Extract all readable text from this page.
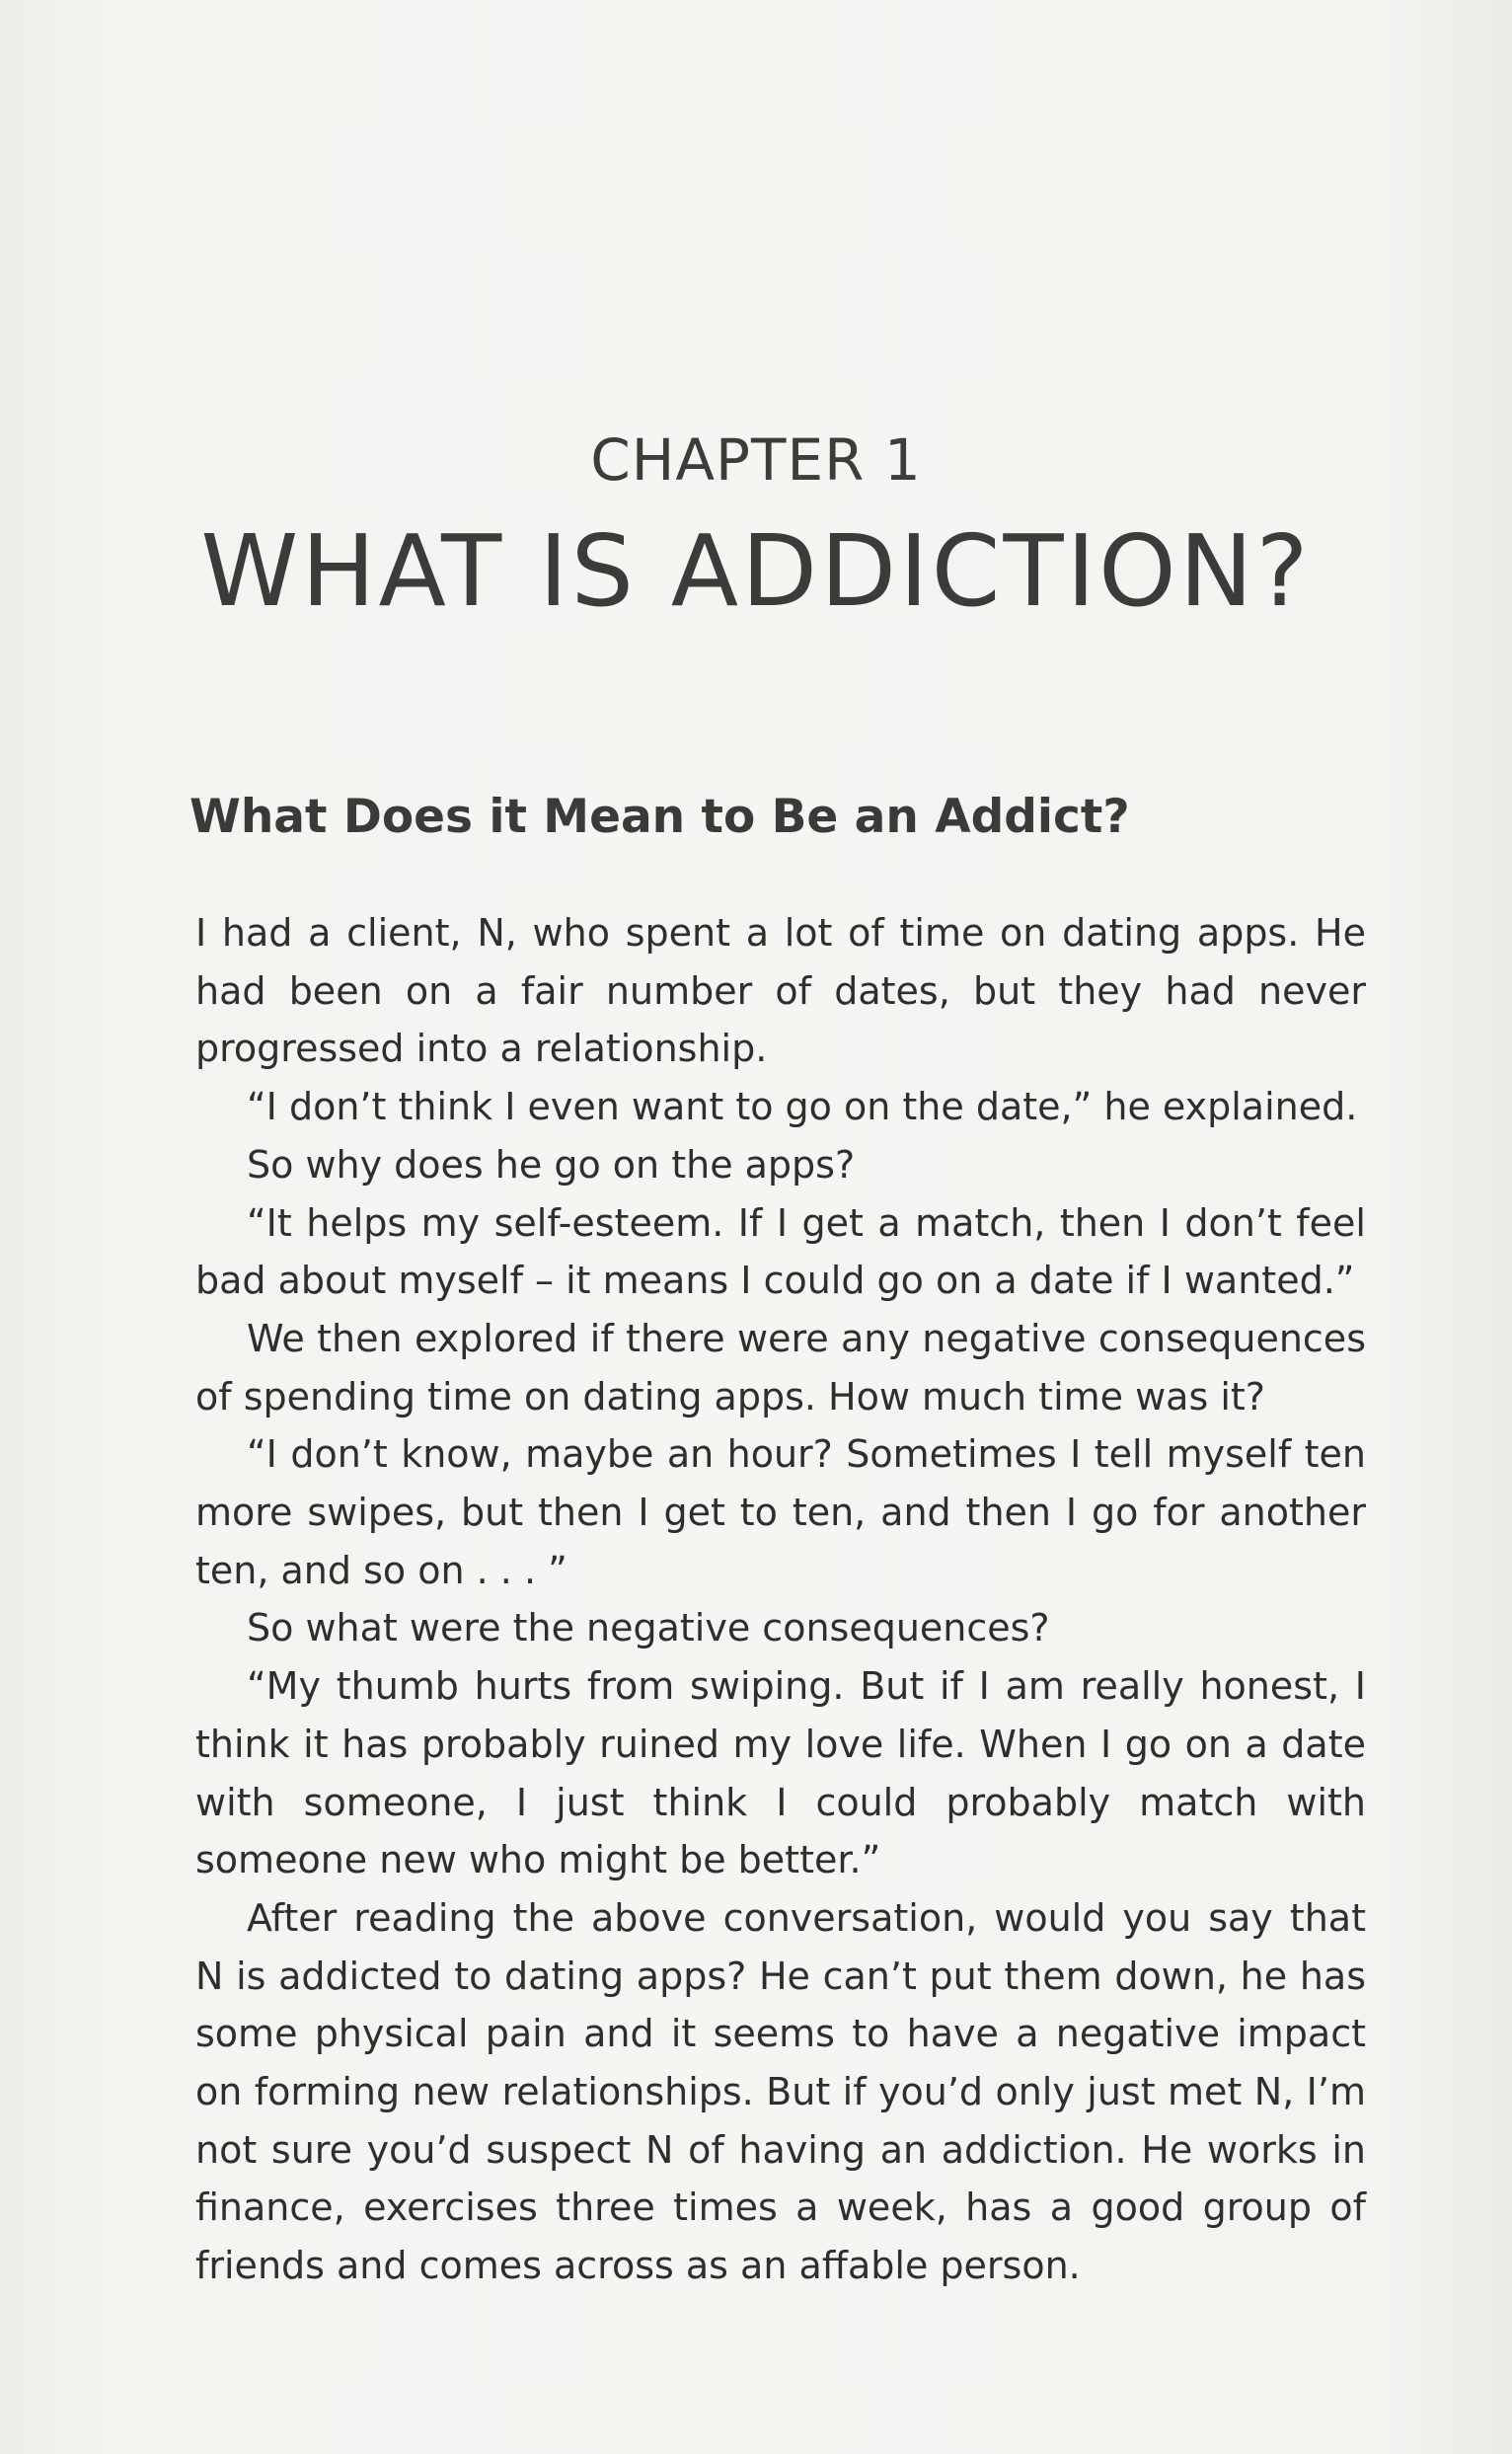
CHAPTER 1
WHAT IS ADDICTION?
What Does it Mean to Be an Addict?

I had a client, N, who spent a lot of time on dating apps. He had been on a fair number of dates, but they had never progressed into a relationship.

“I don’t think I even want to go on the date,” he explained.

So why does he go on the apps?

“It helps my self-esteem. If I get a match, then I don’t feel bad about myself – it means I could go on a date if I wanted.”

We then explored if there were any negative consequences of spending time on dating apps. How much time was it?

“I don’t know, maybe an hour? Sometimes I tell myself ten more swipes, but then I get to ten, and then I go for another ten, and so on . . . ”

So what were the negative consequences?

“My thumb hurts from swiping. But if I am really honest, I think it has probably ruined my love life. When I go on a date with someone, I just think I could probably match with someone new who might be better.”

After reading the above conversation, would you say that N is addicted to dating apps? He can’t put them down, he has some physical pain and it seems to have a negative impact on forming new relationships. But if you’d only just met N, I’m not sure you’d suspect N of having an addiction. He works in finance, exercises three times a week, has a good group of friends and comes across as an affable person.
